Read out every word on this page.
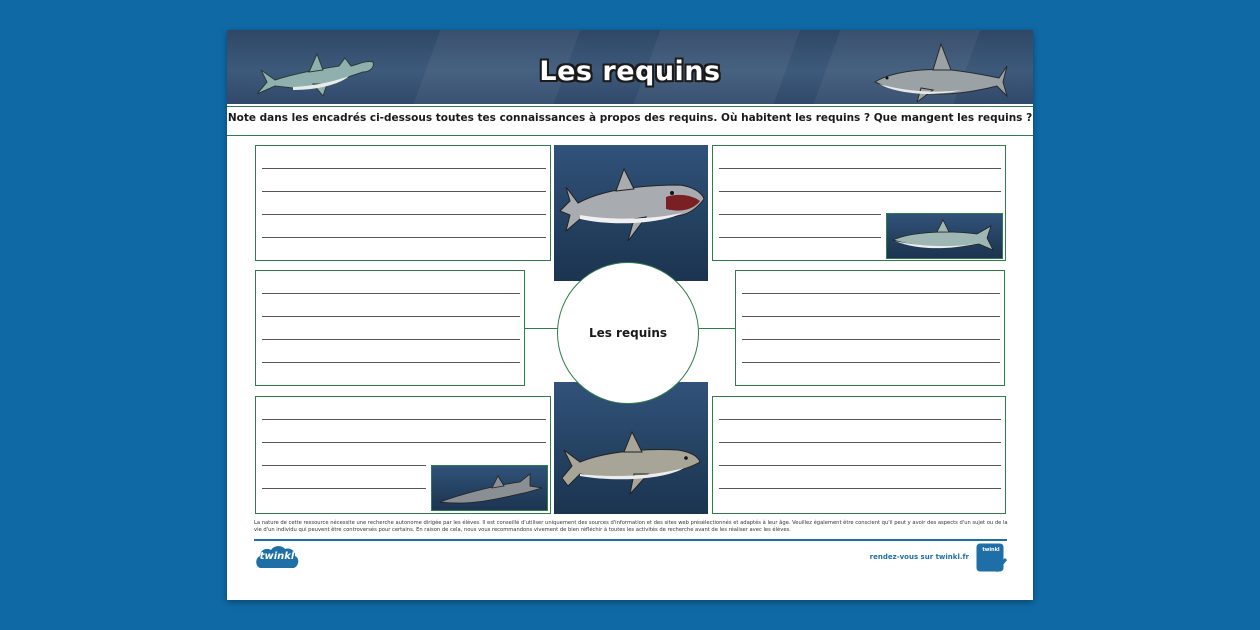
Les requins
Note dans les encadrés ci-dessous toutes tes connaissances à propos des requins. Où habitent les requins ? Que mangent les requins ?
Les requins
La nature de cette ressource nécessite une recherche autonome dirigée par les élèves. Il est conseillé d'utiliser uniquement des sources d'information et des sites web présélectionnés et adaptés à leur âge. Veuillez également être conscient qu'il peut y avoir des aspects d'un sujet ou de la vie d'un individu qui peuvent être controversés pour certains. En raison de cela, nous vous recommandons vivement de bien réfléchir à toutes les activités de recherche avant de les réaliser avec les élèves.
twinkl	rendez-vous sur twinkl.fr
twinkl
